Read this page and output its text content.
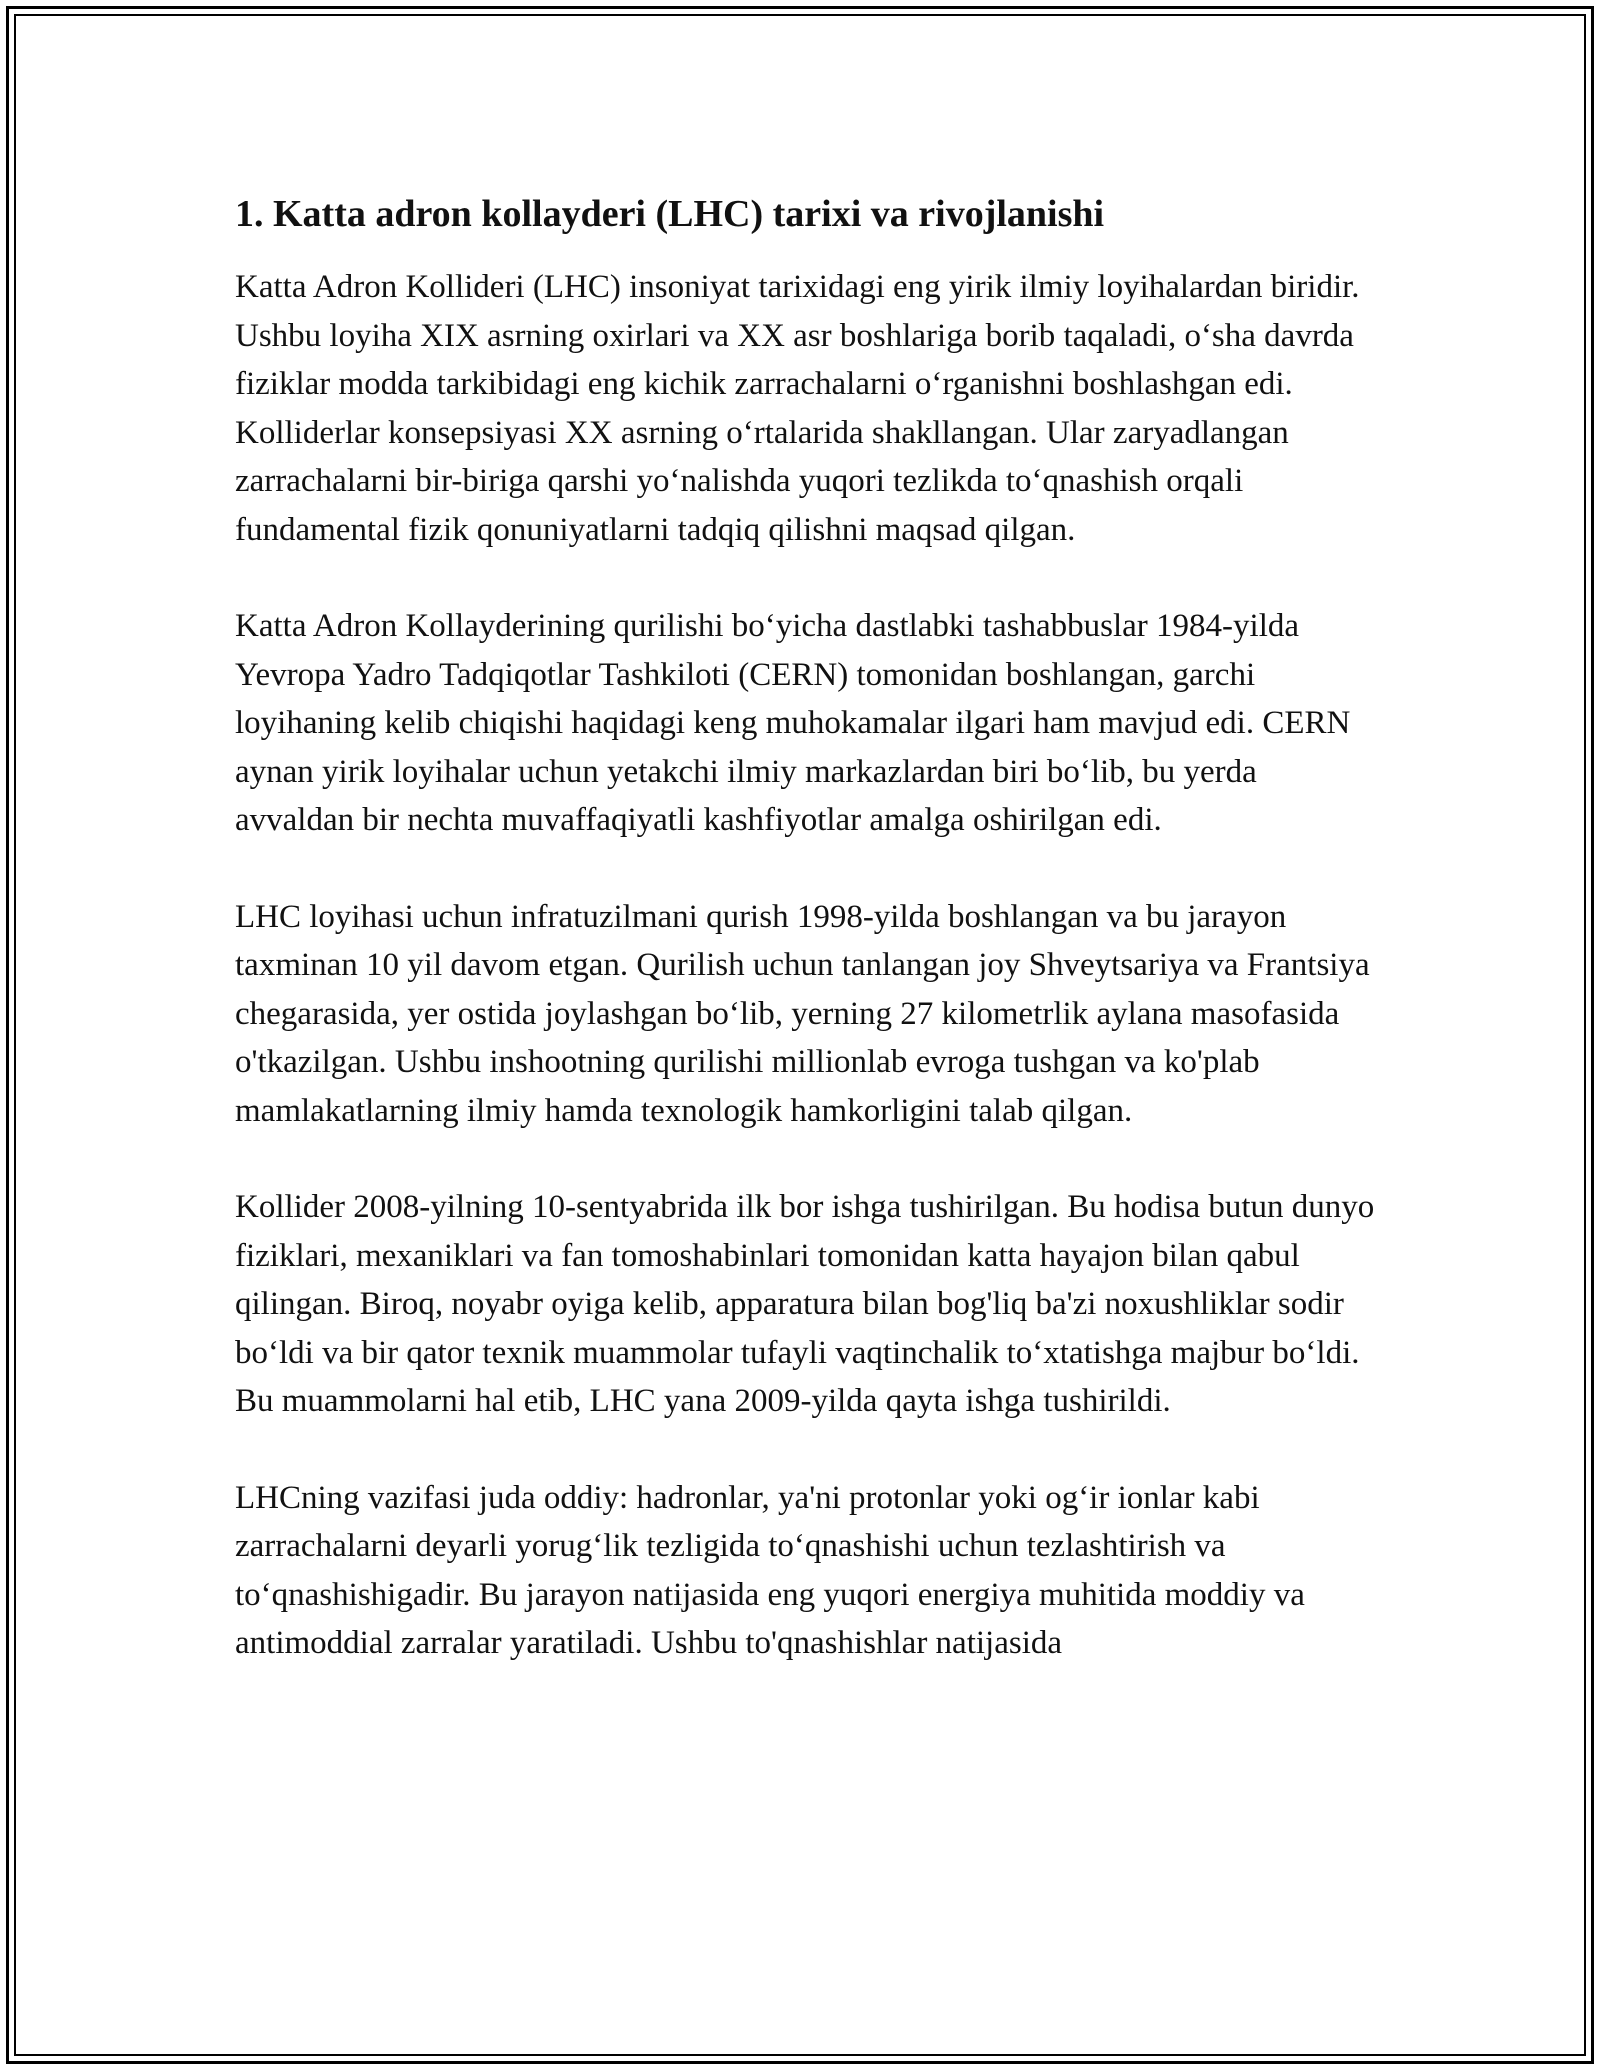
1. Katta adron kollayderi (LHC) tarixi va rivojlanishi

Katta Adron Kollideri (LHC) insoniyat tarixidagi eng yirik ilmiy loyihalardan biridir. Ushbu loyiha XIX asrning oxirlari va XX asr boshlariga borib taqaladi, o‘sha davrda fiziklar modda tarkibidagi eng kichik zarrachalarni o‘rganishni boshlashgan edi. Kolliderlar konsepsiyasi XX asrning o‘rtalarida shakllangan. Ular zaryadlangan zarrachalarni bir-biriga qarshi yo‘nalishda yuqori tezlikda to‘qnashish orqali fundamental fizik qonuniyatlarni tadqiq qilishni maqsad qilgan.

Katta Adron Kollayderining qurilishi bo‘yicha dastlabki tashabbuslar 1984-yilda Yevropa Yadro Tadqiqotlar Tashkiloti (CERN) tomonidan boshlangan, garchi loyihaning kelib chiqishi haqidagi keng muhokamalar ilgari ham mavjud edi. CERN aynan yirik loyihalar uchun yetakchi ilmiy markazlardan biri bo‘lib, bu yerda avvaldan bir nechta muvaffaqiyatli kashfiyotlar amalga oshirilgan edi.

LHC loyihasi uchun infratuzilmani qurish 1998-yilda boshlangan va bu jarayon taxminan 10 yil davom etgan. Qurilish uchun tanlangan joy Shveytsariya va Frantsiya chegarasida, yer ostida joylashgan bo‘lib, yerning 27 kilometrlik aylana masofasida o'tkazilgan. Ushbu inshootning qurilishi millionlab evroga tushgan va ko'plab mamlakatlarning ilmiy hamda texnologik hamkorligini talab qilgan.

Kollider 2008-yilning 10-sentyabrida ilk bor ishga tushirilgan. Bu hodisa butun dunyo fiziklari, mexaniklari va fan tomoshabinlari tomonidan katta hayajon bilan qabul qilingan. Biroq, noyabr oyiga kelib, apparatura bilan bog'liq ba'zi noxushliklar sodir bo‘ldi va bir qator texnik muammolar tufayli vaqtinchalik to‘xtatishga majbur bo‘ldi. Bu muammolarni hal etib, LHC yana 2009-yilda qayta ishga tushirildi.

LHCning vazifasi juda oddiy: hadronlar, ya'ni protonlar yoki og‘ir ionlar kabi zarrachalarni deyarli yorug‘lik tezligida to‘qnashishi uchun tezlashtirish va to‘qnashishigadir. Bu jarayon natijasida eng yuqori energiya muhitida moddiy va antimoddial zarralar yaratiladi. Ushbu to'qnashishlar natijasida
